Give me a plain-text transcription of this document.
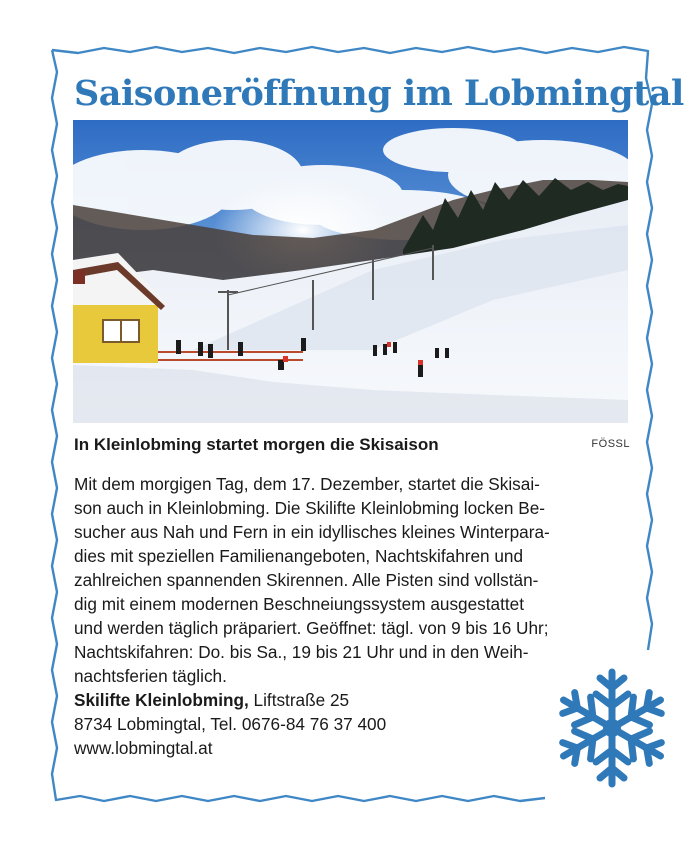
Saisoneröffnung im Lobmingtal
In Kleinlobming startet morgen die Skisaison	FÖSSL

Mit dem morgigen Tag, dem 17. Dezember, startet die Skisai-
son auch in Kleinlobming. Die Skilifte Kleinlobming locken Be-
sucher aus Nah und Fern in ein idyllisches kleines Winterpara-
dies mit speziellen Familienangeboten, Nachtskifahren und
zahlreichen spannenden Skirennen. Alle Pisten sind vollstän-
dig mit einem modernen Beschneiungssystem ausgestattet
und werden täglich präpariert. Geöffnet: tägl. von 9 bis 16 Uhr;
Nachtskifahren: Do. bis Sa., 19 bis 21 Uhr und in den Weih-
nachtsferien täglich.

Skilifte Kleinlobming, Liftstraße 25
8734 Lobmingtal, Tel. 0676-84 76 37 400
www.lobmingtal.at
